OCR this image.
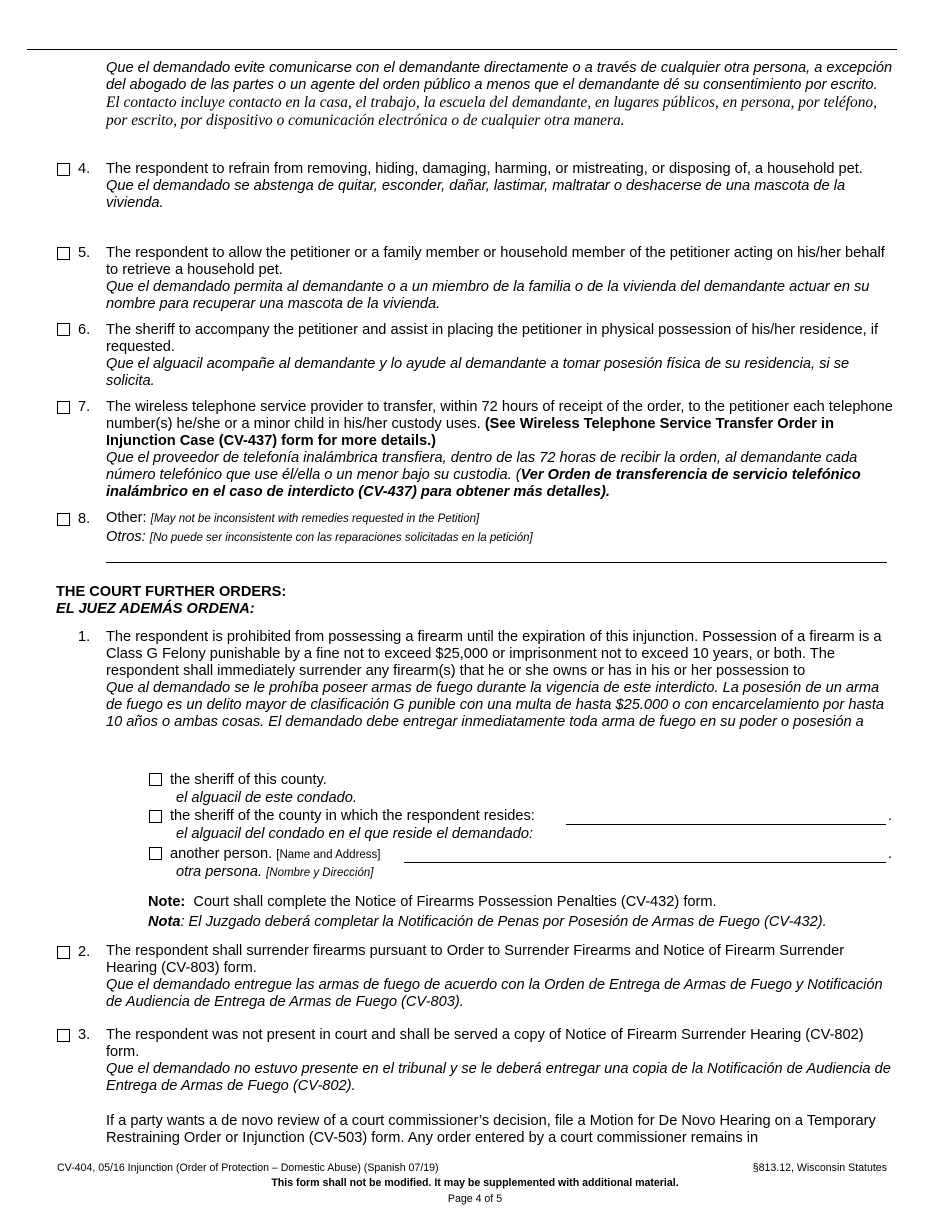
Que el demandado evite comunicarse con el demandante directamente o a través de cualquier otra persona, a excepción del abogado de las partes o un agente del orden público a menos que el demandante dé su consentimiento por escrito. El contacto incluye contacto en la casa, el trabajo, la escuela del demandante, en lugares públicos, en persona, por teléfono, por escrito, por dispositivo o comunicación electrónica o de cualquier otra manera.
4. The respondent to refrain from removing, hiding, damaging, harming, or mistreating, or disposing of, a household pet.

Que el demandado se abstenga de quitar, esconder, dañar, lastimar, maltratar o deshacerse de una mascota de la vivienda.

5. The respondent to allow the petitioner or a family member or household member of the petitioner acting on his/her behalf to retrieve a household pet.

Que el demandado permita al demandante o a un miembro de la familia o de la vivienda del demandante actuar en su nombre para recuperar una mascota de la vivienda.

6. The sheriff to accompany the petitioner and assist in placing the petitioner in physical possession of his/her residence, if requested.

Que el alguacil acompañe al demandante y lo ayude al demandante a tomar posesión física de su residencia, si se solicita.

7. The wireless telephone service provider to transfer, within 72 hours of receipt of the order, to the petitioner each telephone number(s) he/she or a minor child in his/her custody uses. (See Wireless Telephone Service Transfer Order in Injunction Case (CV-437) form for more details.)

Que el proveedor de telefonía inalámbrica transfiera, dentro de las 72 horas de recibir la orden, al demandante cada número telefónico que use él/ella o un menor bajo su custodia. (Ver Orden de transferencia de servicio telefónico inalámbrico en el caso de interdicto (CV-437) para obtener más detalles).

8. Other: [May not be inconsistent with remedies requested in the Petition]

Otros: [No puede ser inconsistente con las reparaciones solicitadas en la petición]

THE COURT FURTHER ORDERS:
EL JUEZ ADEMÁS ORDENA:
1. The respondent is prohibited from possessing a firearm until the expiration of this injunction. Possession of a firearm is a Class G Felony punishable by a fine not to exceed $25,000 or imprisonment not to exceed 10 years, or both. The respondent shall immediately surrender any firearm(s) that he or she owns or has in his or her possession to

Que al demandado se le prohíba poseer armas de fuego durante la vigencia de este interdicto. La posesión de un arma de fuego es un delito mayor de clasificación G punible con una multa de hasta $25.000 o con encarcelamiento por hasta 10 años o ambas cosas. El demandado debe entregar inmediatamente toda arma de fuego en su poder o posesión a

the sheriff of this county.
el alguacil de este condado.
the sheriff of the county in which the respondent resides:	.
el alguacil del condado en el que reside el demandado:
another person. [Name and Address]	.
otra persona. [Nombre y Dirección]
Note: Court shall complete the Notice of Firearms Possession Penalties (CV-432) form.
Nota: El Juzgado deberá completar la Notificación de Penas por Posesión de Armas de Fuego (CV-432).
2. The respondent shall surrender firearms pursuant to Order to Surrender Firearms and Notice of Firearm Surrender Hearing (CV-803) form.

Que el demandado entregue las armas de fuego de acuerdo con la Orden de Entrega de Armas de Fuego y Notificación de Audiencia de Entrega de Armas de Fuego (CV-803).

3. The respondent was not present in court and shall be served a copy of Notice of Firearm Surrender Hearing (CV-802) form.

Que el demandado no estuvo presente en el tribunal y se le deberá entregar una copia de la Notificación de Audiencia de Entrega de Armas de Fuego (CV-802).

If a party wants a de novo review of a court commissioner’s decision, file a Motion for De Novo Hearing on a Temporary Restraining Order or Injunction (CV-503) form. Any order entered by a court commissioner remains in
CV-404, 05/16 Injunction (Order of Protection – Domestic Abuse) (Spanish 07/19)	§813.12, Wisconsin Statutes
This form shall not be modified. It may be supplemented with additional material.
Page 4 of 5
